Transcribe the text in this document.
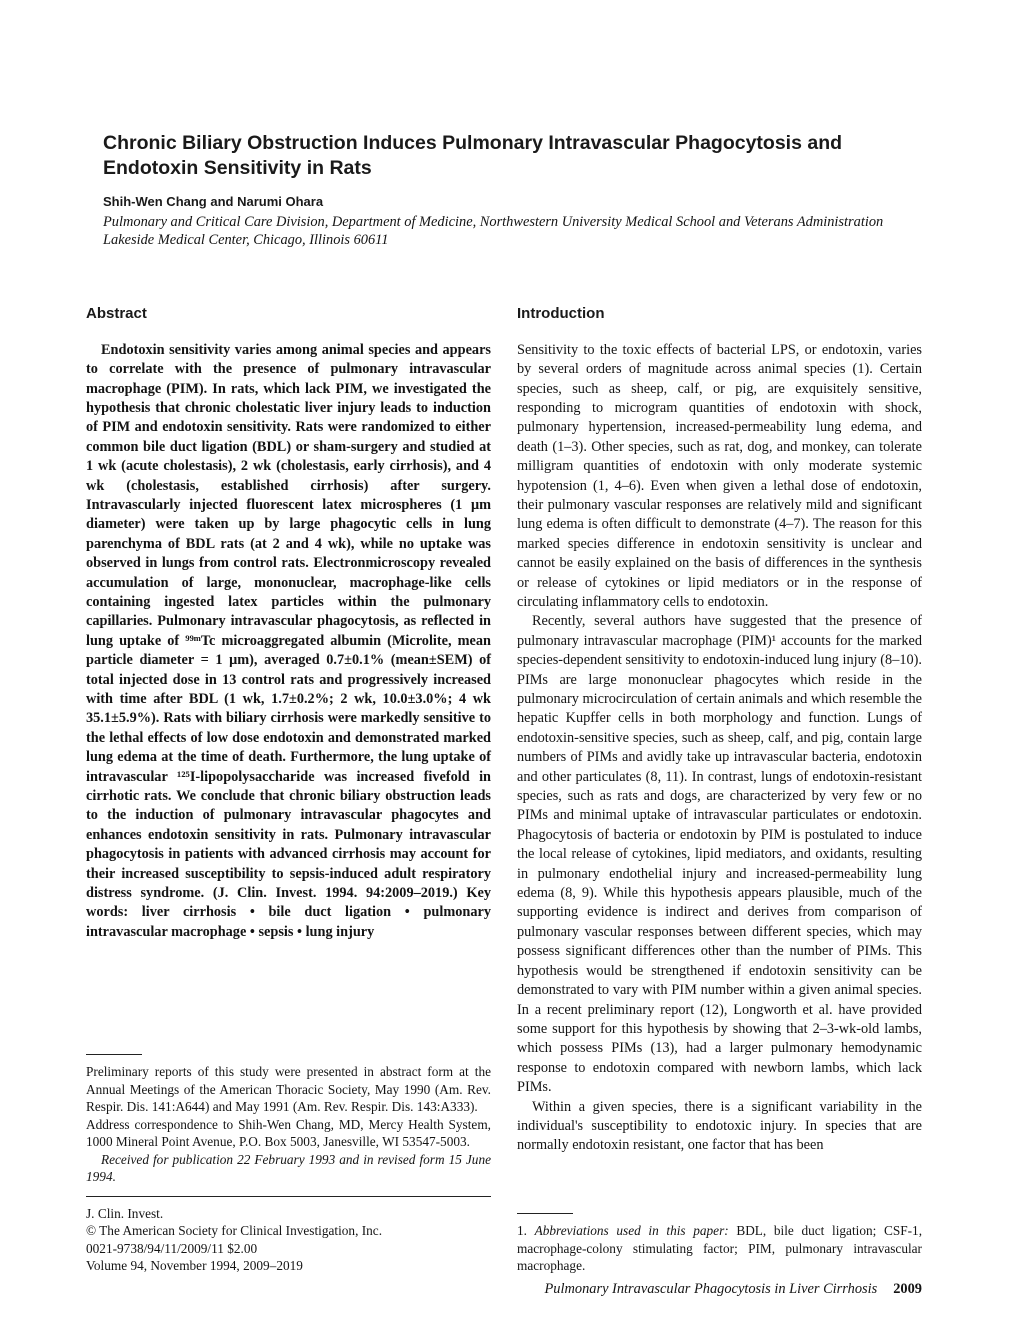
Chronic Biliary Obstruction Induces Pulmonary Intravascular Phagocytosis and Endotoxin Sensitivity in Rats
Shih-Wen Chang and Narumi Ohara
Pulmonary and Critical Care Division, Department of Medicine, Northwestern University Medical School and Veterans Administration Lakeside Medical Center, Chicago, Illinois 60611
Abstract

Endotoxin sensitivity varies among animal species and appears to correlate with the presence of pulmonary intravascular macrophage (PIM). In rats, which lack PIM, we investigated the hypothesis that chronic cholestatic liver injury leads to induction of PIM and endotoxin sensitivity. Rats were randomized to either common bile duct ligation (BDL) or sham-surgery and studied at 1 wk (acute cholestasis), 2 wk (cholestasis, early cirrhosis), and 4 wk (cholestasis, established cirrhosis) after surgery. Intravascularly injected fluorescent latex microspheres (1 μm diameter) were taken up by large phagocytic cells in lung parenchyma of BDL rats (at 2 and 4 wk), while no uptake was observed in lungs from control rats. Electronmicroscopy revealed accumulation of large, mononuclear, macrophage-like cells containing ingested latex particles within the pulmonary capillaries. Pulmonary intravascular phagocytosis, as reflected in lung uptake of ⁹⁹ᵐTc microaggregated albumin (Microlite, mean particle diameter = 1 μm), averaged 0.7±0.1% (mean±SEM) of total injected dose in 13 control rats and progressively increased with time after BDL (1 wk, 1.7±0.2%; 2 wk, 10.0±3.0%; 4 wk 35.1±5.9%). Rats with biliary cirrhosis were markedly sensitive to the lethal effects of low dose endotoxin and demonstrated marked lung edema at the time of death. Furthermore, the lung uptake of intravascular ¹²⁵I-lipopolysaccharide was increased fivefold in cirrhotic rats. We conclude that chronic biliary obstruction leads to the induction of pulmonary intravascular phagocytes and enhances endotoxin sensitivity in rats. Pulmonary intravascular phagocytosis in patients with advanced cirrhosis may account for their increased susceptibility to sepsis-induced adult respiratory distress syndrome. (J. Clin. Invest. 1994. 94:2009–2019.) Key words: liver cirrhosis • bile duct ligation • pulmonary intravascular macrophage • sepsis • lung injury

Preliminary reports of this study were presented in abstract form at the Annual Meetings of the American Thoracic Society, May 1990 (Am. Rev. Respir. Dis. 141:A644) and May 1991 (Am. Rev. Respir. Dis. 143:A333).

Address correspondence to Shih-Wen Chang, MD, Mercy Health System, 1000 Mineral Point Avenue, P.O. Box 5003, Janesville, WI 53547-5003.

Received for publication 22 February 1993 and in revised form 15 June 1994.

J. Clin. Invest.

© The American Society for Clinical Investigation, Inc.

0021-9738/94/11/2009/11 $2.00

Volume 94, November 1994, 2009–2019

Introduction

Sensitivity to the toxic effects of bacterial LPS, or endotoxin, varies by several orders of magnitude across animal species (1). Certain species, such as sheep, calf, or pig, are exquisitely sensitive, responding to microgram quantities of endotoxin with shock, pulmonary hypertension, increased-permeability lung edema, and death (1–3). Other species, such as rat, dog, and monkey, can tolerate milligram quantities of endotoxin with only moderate systemic hypotension (1, 4–6). Even when given a lethal dose of endotoxin, their pulmonary vascular responses are relatively mild and significant lung edema is often difficult to demonstrate (4–7). The reason for this marked species difference in endotoxin sensitivity is unclear and cannot be easily explained on the basis of differences in the synthesis or release of cytokines or lipid mediators or in the response of circulating inflammatory cells to endotoxin.

Recently, several authors have suggested that the presence of pulmonary intravascular macrophage (PIM)¹ accounts for the marked species-dependent sensitivity to endotoxin-induced lung injury (8–10). PIMs are large mononuclear phagocytes which reside in the pulmonary microcirculation of certain animals and which resemble the hepatic Kupffer cells in both morphology and function. Lungs of endotoxin-sensitive species, such as sheep, calf, and pig, contain large numbers of PIMs and avidly take up intravascular bacteria, endotoxin and other particulates (8, 11). In contrast, lungs of endotoxin-resistant species, such as rats and dogs, are characterized by very few or no PIMs and minimal uptake of intravascular particulates or endotoxin. Phagocytosis of bacteria or endotoxin by PIM is postulated to induce the local release of cytokines, lipid mediators, and oxidants, resulting in pulmonary endothelial injury and increased-permeability lung edema (8, 9). While this hypothesis appears plausible, much of the supporting evidence is indirect and derives from comparison of pulmonary vascular responses between different species, which may possess significant differences other than the number of PIMs. This hypothesis would be strengthened if endotoxin sensitivity can be demonstrated to vary with PIM number within a given animal species. In a recent preliminary report (12), Longworth et al. have provided some support for this hypothesis by showing that 2–3-wk-old lambs, which possess PIMs (13), had a larger pulmonary hemodynamic response to endotoxin compared with newborn lambs, which lack PIMs.

Within a given species, there is a significant variability in the individual's susceptibility to endotoxic injury. In species that are normally endotoxin resistant, one factor that has been

1. Abbreviations used in this paper: BDL, bile duct ligation; CSF-1, macrophage-colony stimulating factor; PIM, pulmonary intravascular macrophage.

Pulmonary Intravascular Phagocytosis in Liver Cirrhosis 2009
